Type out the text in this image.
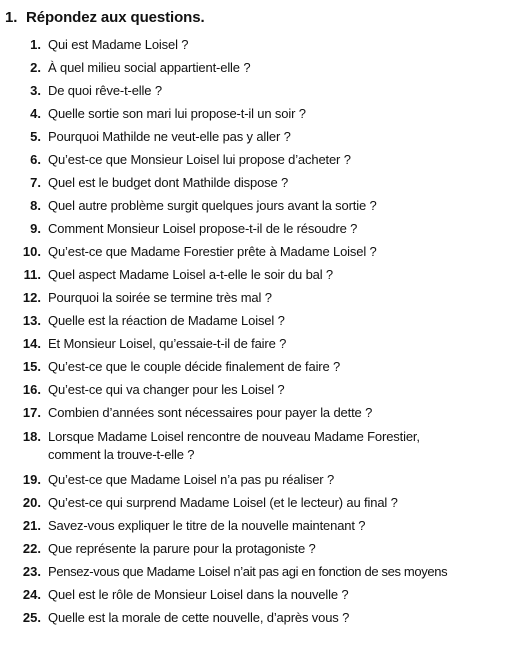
1. Répondez aux questions.
1. Qui est Madame Loisel ?
2. À quel milieu social appartient-elle ?
3. De quoi rêve-t-elle ?
4. Quelle sortie son mari lui propose-t-il un soir ?
5. Pourquoi Mathilde ne veut-elle pas y aller ?
6. Qu’est-ce que Monsieur Loisel lui propose d’acheter ?
7. Quel est le budget dont Mathilde dispose ?
8. Quel autre problème surgit quelques jours avant la sortie ?
9. Comment Monsieur Loisel propose-t-il de le résoudre ?
10. Qu’est-ce que Madame Forestier prête à Madame Loisel ?
11. Quel aspect Madame Loisel a-t-elle le soir du bal ?
12. Pourquoi la soirée se termine très mal ?
13. Quelle est la réaction de Madame Loisel ?
14. Et Monsieur Loisel, qu’essaie-t-il de faire ?
15. Qu’est-ce que le couple décide finalement de faire ?
16. Qu’est-ce qui va changer pour les Loisel ?
17. Combien d’années sont nécessaires pour payer la dette ?
18. Lorsque Madame Loisel rencontre de nouveau Madame Forestier,
comment la trouve-t-elle ?
19. Qu’est-ce que Madame Loisel n’a pas pu réaliser ?
20. Qu’est-ce qui surprend Madame Loisel (et le lecteur) au final ?
21. Savez-vous expliquer le titre de la nouvelle maintenant ?
22. Que représente la parure pour la protagoniste ?
23. Pensez-vous que Madame Loisel n’ait pas agi en fonction de ses moyens
24. Quel est le rôle de Monsieur Loisel dans la nouvelle ?
25. Quelle est la morale de cette nouvelle, d’après vous ?
